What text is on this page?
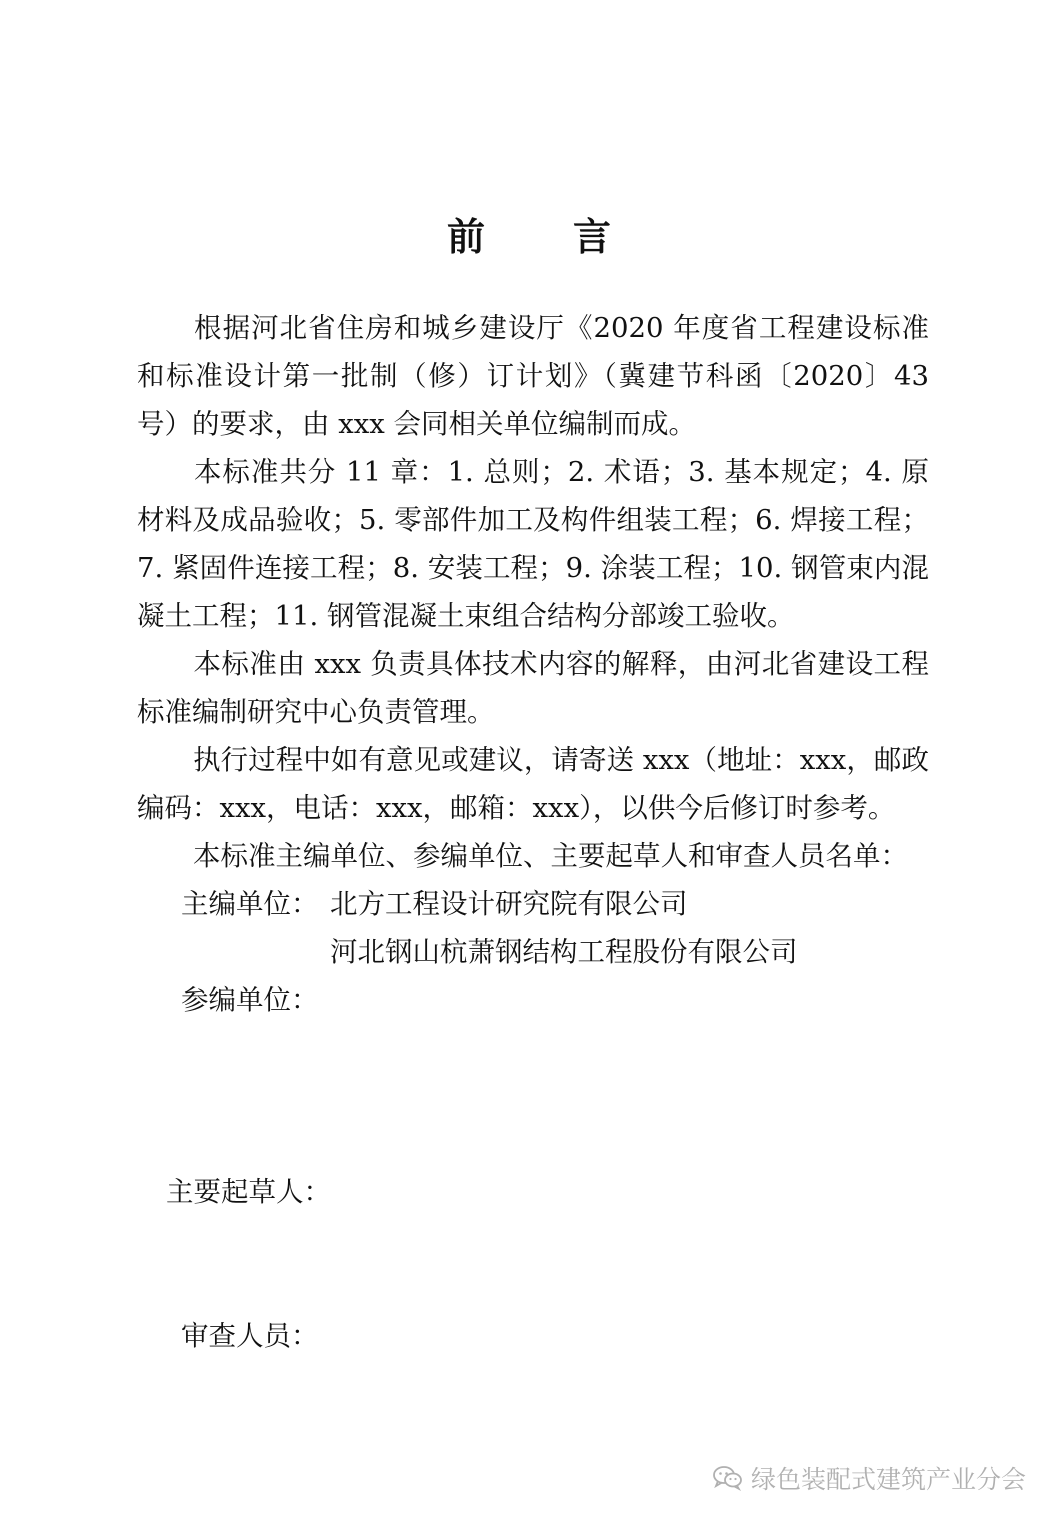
前 言
根据河北省住房和城乡建设厅《2020 年度省工程建设标准和标准设计第一批制（修）订计划》（冀建节科函〔2020〕43 号）的要求，由 xxx 会同相关单位编制而成。
本标准共分 11 章：1. 总则；2. 术语；3. 基本规定；4. 原材料及成品验收；5. 零部件加工及构件组装工程；6. 焊接工程；7. 紧固件连接工程；8. 安装工程；9. 涂装工程；10. 钢管束内混凝土工程；11. 钢管混凝土束组合结构分部竣工验收。
本标准由 xxx 负责具体技术内容的解释，由河北省建设工程标准编制研究中心负责管理。
执行过程中如有意见或建议，请寄送 xxx（地址：xxx，邮政编码：xxx，电话：xxx，邮箱：xxx），以供今后修订时参考。
本标准主编单位、参编单位、主要起草人和审查人员名单：
主编单位： 北方工程设计研究院有限公司
河北钢山杭萧钢结构工程股份有限公司
参编单位：
主要起草人：
审查人员：
绿色装配式建筑产业分会
